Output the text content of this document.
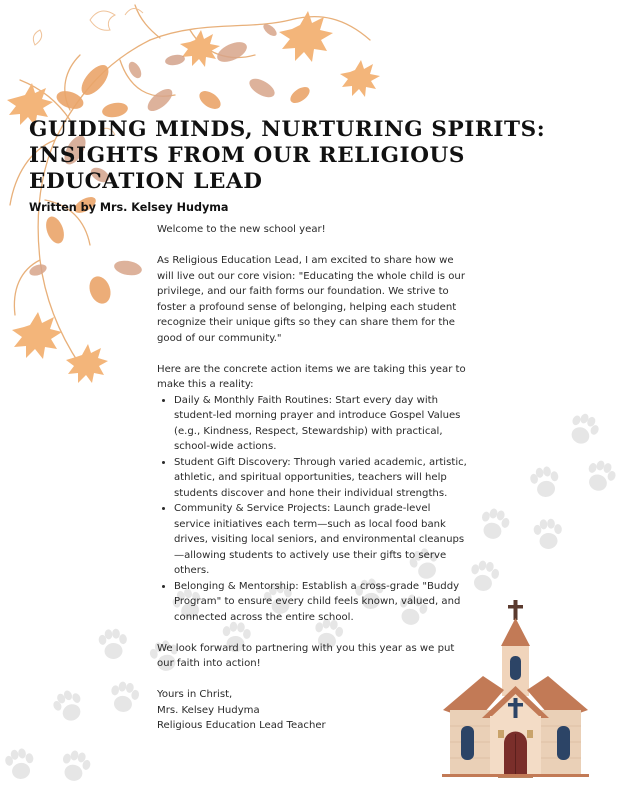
GUIDING MINDS, NURTURING SPIRITS: INSIGHTS FROM OUR RELIGIOUS EDUCATION LEAD

Written by Mrs. Kelsey Hudyma

Welcome to the new school year!

As Religious Education Lead, I am excited to share how we will live out our core vision: "Educating the whole child is our privilege, and our faith forms our foundation. We strive to foster a profound sense of belonging, helping each student recognize their unique gifts so they can share them for the good of our community."

Here are the concrete action items we are taking this year to make this a reality:

• Daily & Monthly Faith Routines: Start every day with student-led morning prayer and introduce Gospel Values (e.g., Kindness, Respect, Stewardship) with practical, school-wide actions.
• Student Gift Discovery: Through varied academic, artistic, athletic, and spiritual opportunities, teachers will help students discover and hone their individual strengths.
• Community & Service Projects: Launch grade-level service initiatives each term—such as local food bank drives, visiting local seniors, and environmental cleanups—allowing students to actively use their gifts to serve others.
• Belonging & Mentorship: Establish a cross-grade "Buddy Program" to ensure every child feels known, valued, and connected across the entire school.

We look forward to partnering with you this year as we put our faith into action!

Yours in Christ,

Mrs. Kelsey Hudyma

Religious Education Lead Teacher
